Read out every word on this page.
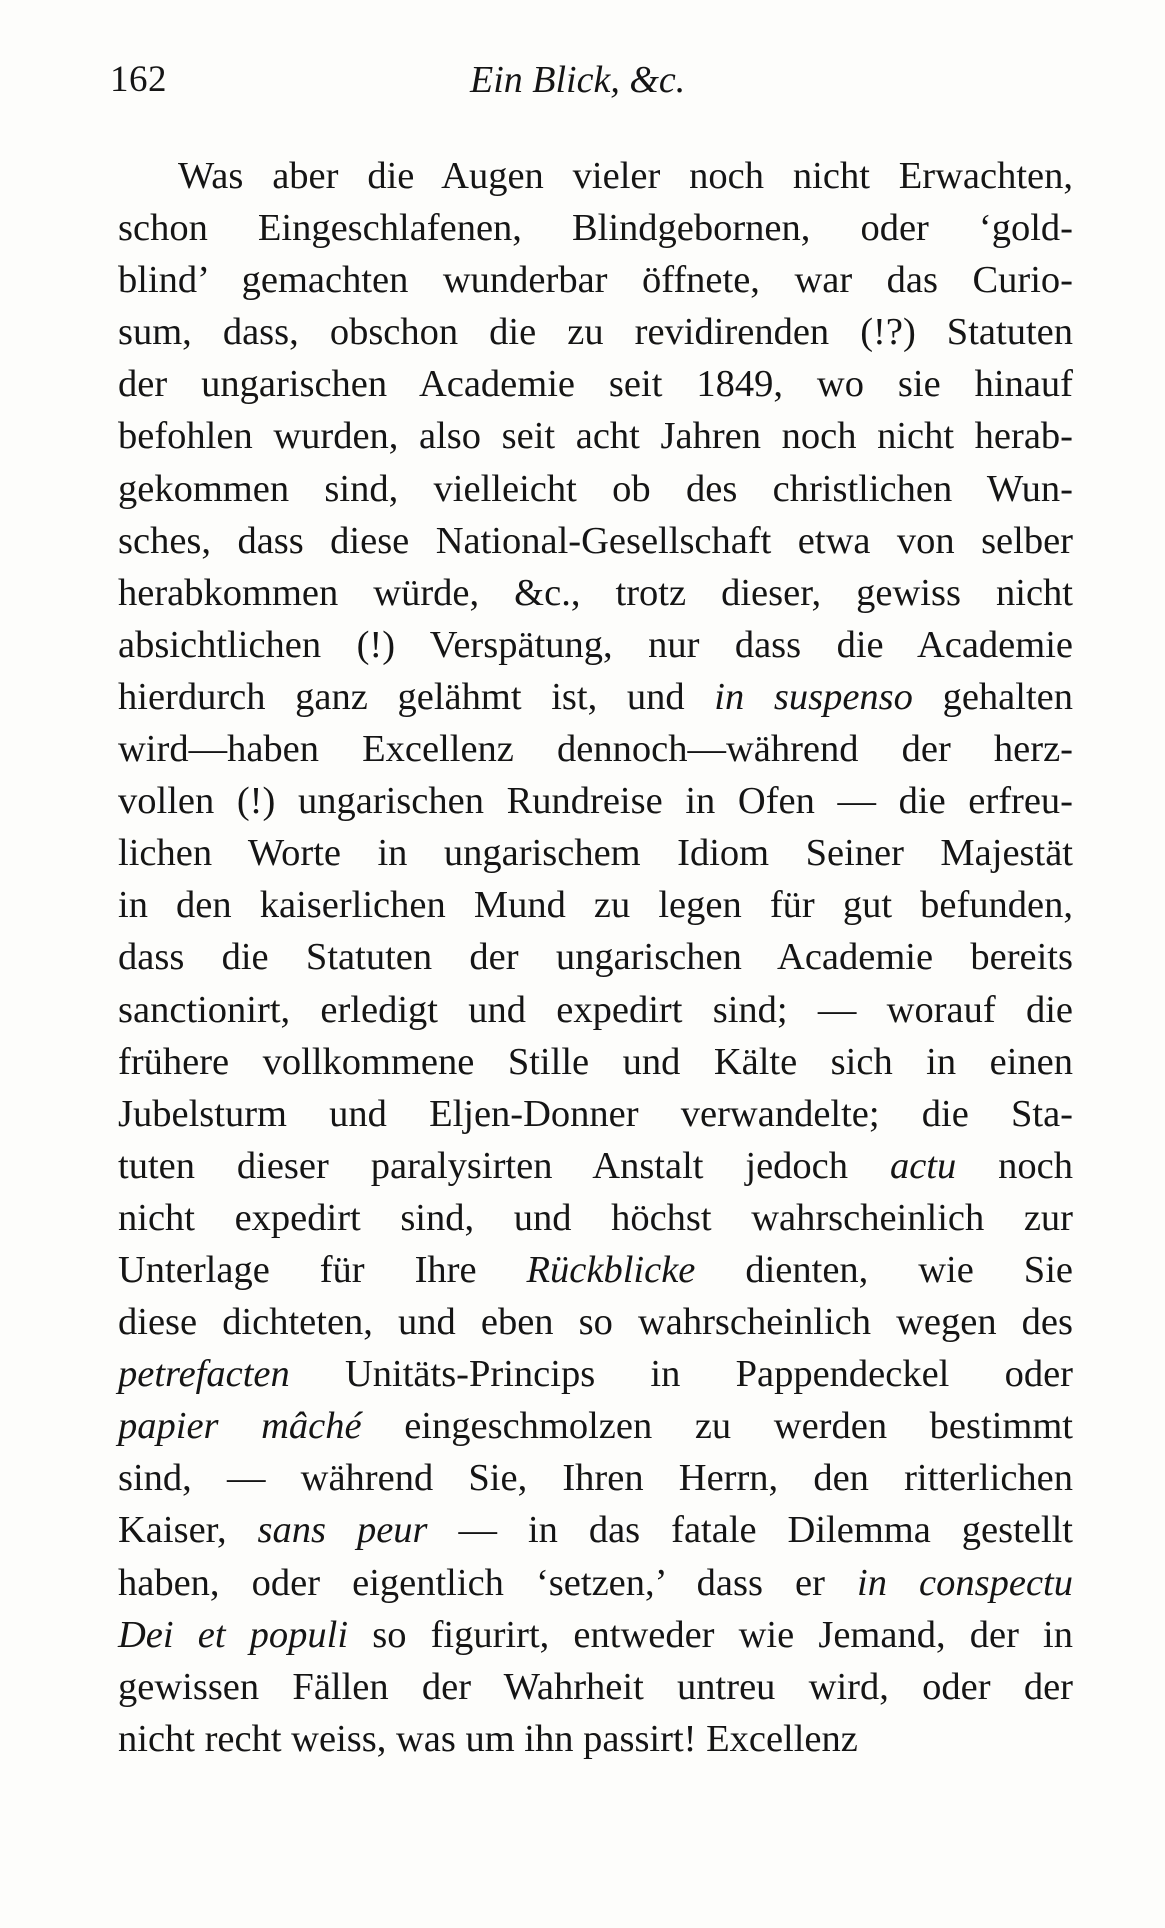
162	Ein Blick, &c.
Was aber die Augen vieler noch nicht Erwachten,
schon Eingeschlafenen, Blindgebornen, oder ‘gold-
blind’ gemachten wunderbar öffnete, war das Curio-
sum, dass, obschon die zu revidirenden (!?) Statuten
der ungarischen Academie seit 1849, wo sie hinauf
befohlen wurden, also seit acht Jahren noch nicht herab-
gekommen sind, vielleicht ob des christlichen Wun-
sches, dass diese National-Gesellschaft etwa von selber
herabkommen würde, &c., trotz dieser, gewiss nicht
absichtlichen (!) Verspätung, nur dass die Academie
hierdurch ganz gelähmt ist, und in suspenso gehalten
wird—haben Excellenz dennoch—während der herz-
vollen (!) ungarischen Rundreise in Ofen — die erfreu-
lichen Worte in ungarischem Idiom Seiner Majestät
in den kaiserlichen Mund zu legen für gut befunden,
dass die Statuten der ungarischen Academie bereits
sanctionirt, erledigt und expedirt sind; — worauf die
frühere vollkommene Stille und Kälte sich in einen
Jubelsturm und Eljen-Donner verwandelte; die Sta-
tuten dieser paralysirten Anstalt jedoch actu noch
nicht expedirt sind, und höchst wahrscheinlich zur
Unterlage für Ihre Rückblicke dienten, wie Sie
diese dichteten, und eben so wahrscheinlich wegen des
petrefacten Unitäts-Princips in Pappendeckel oder
papier mâché eingeschmolzen zu werden bestimmt
sind, — während Sie, Ihren Herrn, den ritterlichen
Kaiser, sans peur — in das fatale Dilemma gestellt
haben, oder eigentlich ‘setzen,’ dass er in conspectu
Dei et populi so figurirt, entweder wie Jemand, der in
gewissen Fällen der Wahrheit untreu wird, oder der
nicht recht weiss, was um ihn passirt! Excellenz
